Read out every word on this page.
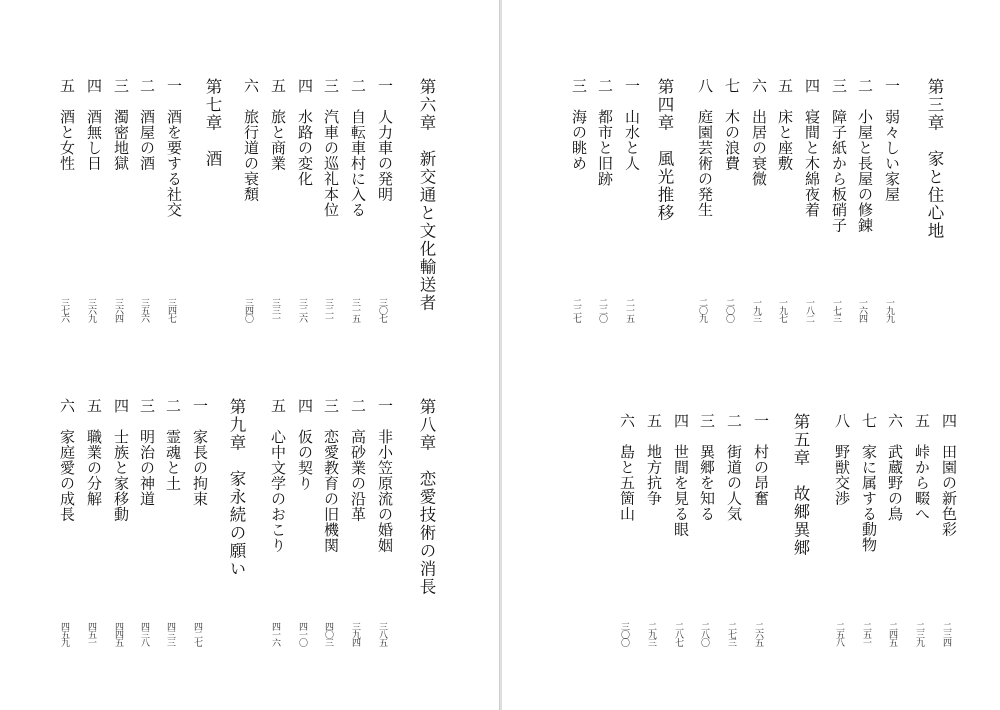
第六章　新交通と文化輸送者
一　人力車の発明
三〇七
二　自転車村に入る
三一五
三　汽車の巡礼本位
三二一
四　水路の変化
三二六
五　旅と商業
三三一
六　旅行道の衰頽
三四〇
第七章　酒
一　酒を要する社交
三四七
二　酒屋の酒
三五六
三　濁密地獄
三六四
四　酒無し日
三六九
五　酒と女性
三七六
第八章　恋愛技術の消長
一　非小笠原流の婚姻
三八五
二　高砂業の沿革
三九四
三　恋愛教育の旧機関
四〇三
四　仮の契り
四一〇
五　心中文学のおこり
四一六
第九章　家永続の願い
一　家長の拘束
四二七
二　霊魂と土
四三三
三　明治の神道
四三八
四　士族と家移動
四四五
五　職業の分解
四五一
六　家庭愛の成長
四五九
第三章　家と住心地
一　弱々しい家屋
一九九
二　小屋と長屋の修錬
一六四
三　障子紙から板硝子
一七三
四　寝間と木綿夜着
一八二
五　床と座敷
一九七
六　出居の衰微
一九三
七　木の浪費
二〇〇
八　庭園芸術の発生
二〇九
第四章　風光推移
一　山水と人
二一五
二　都市と旧跡
二二〇
三　海の眺め
二二七
四　田園の新色彩
二三四
五　峠から畷へ
二三九
六　武蔵野の鳥
二四五
七　家に属する動物
二五一
八　野獣交渉
二五八
第五章　故郷異郷
一　村の昂奮
二六五
二　街道の人気
二七三
三　異郷を知る
二八〇
四　世間を見る眼
二八七
五　地方抗争
二九三
六　島と五箇山
三〇〇
